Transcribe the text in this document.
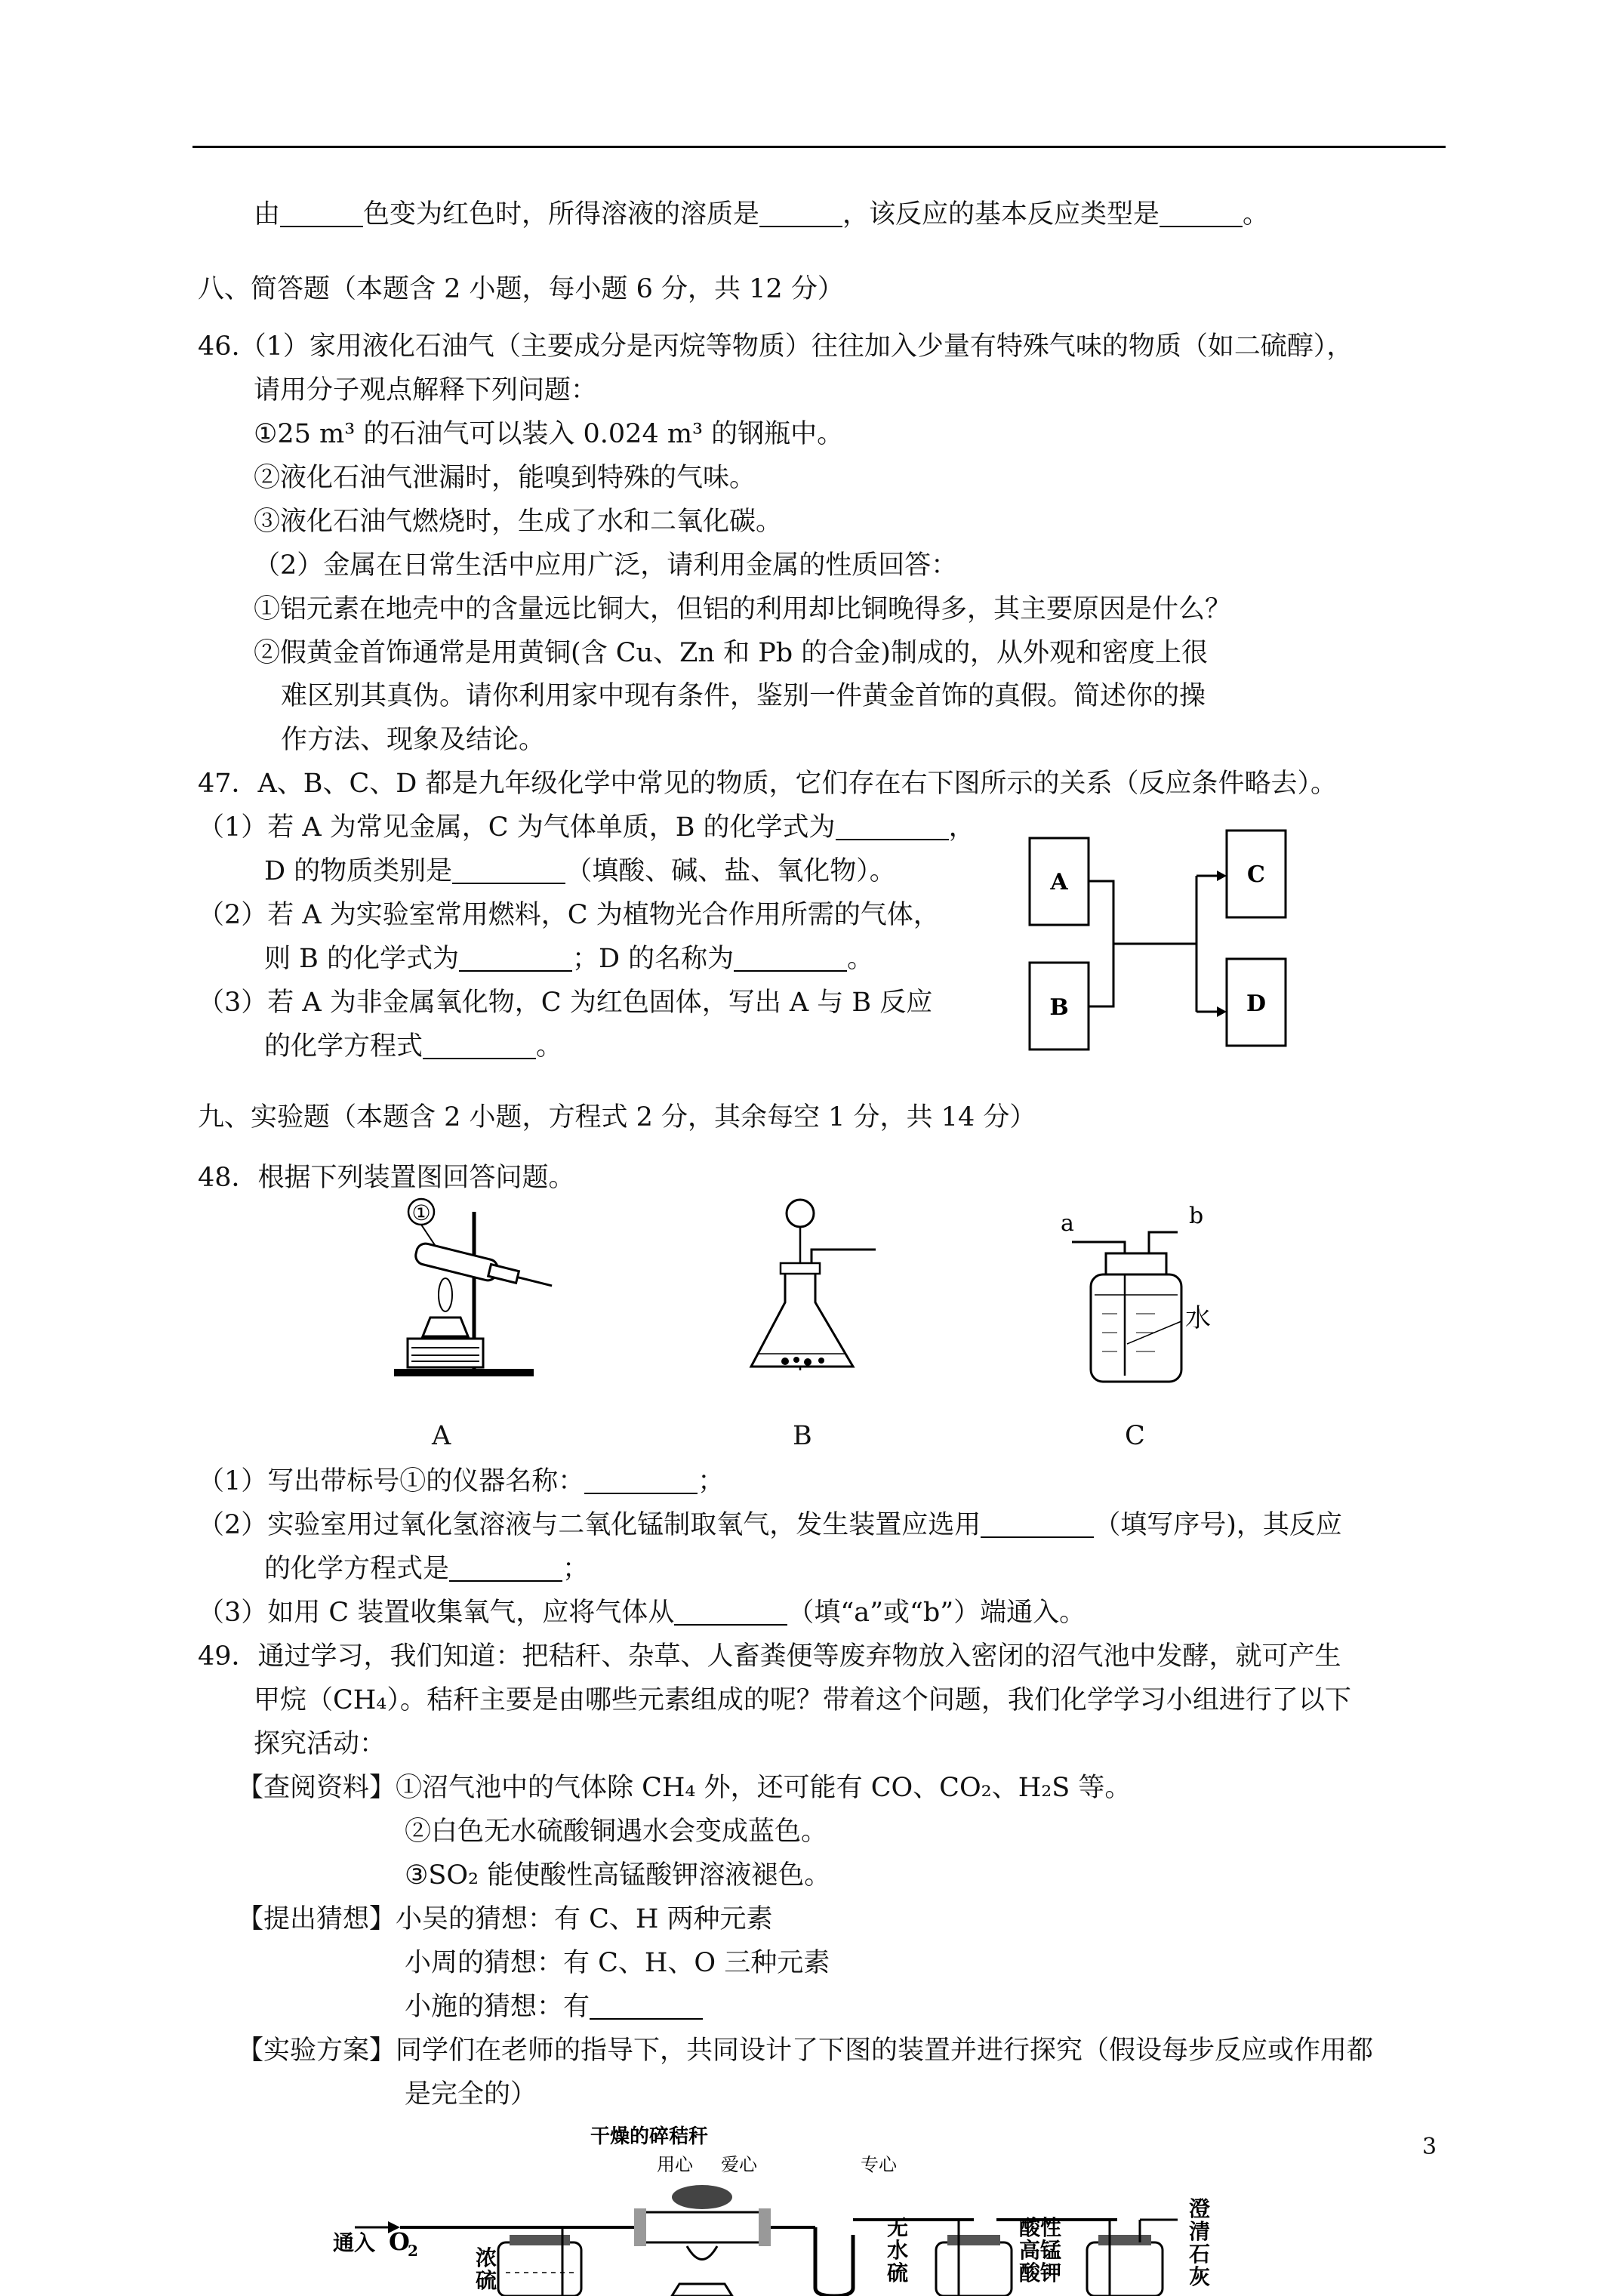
由	色变为红色时，所得溶液的溶质是	，该反应的基本反应类型是	。
八、简答题（本题含 2 小题，每小题 6 分，共 12 分）
46.（1）家用液化石油气（主要成分是丙烷等物质）往往加入少量有特殊气味的物质（如二硫醇），
请用分子观点解释下列问题：
①25 m³ 的石油气可以装入 0.024 m³ 的钢瓶中。
②液化石油气泄漏时，能嗅到特殊的气味。
③液化石油气燃烧时，生成了水和二氧化碳。
（2）金属在日常生活中应用广泛，请利用金属的性质回答：
①铝元素在地壳中的含量远比铜大，但铝的利用却比铜晚得多，其主要原因是什么？
②假黄金首饰通常是用黄铜(含 Cu、Zn 和 Pb 的合金)制成的，从外观和密度上很
难区别其真伪。请你利用家中现有条件，鉴别一件黄金首饰的真假。简述你的操
作方法、现象及结论。
47．A、B、C、D 都是九年级化学中常见的物质，它们存在右下图所示的关系（反应条件略去）。
（1）若 A 为常见金属，C 为气体单质，B 的化学式为	，
D 的物质类别是	（填酸、碱、盐、氧化物）。
（2）若 A 为实验室常用燃料，C 为植物光合作用所需的气体，
则 B 的化学式为	；D 的名称为	。
（3）若 A 为非金属氧化物，C 为红色固体，写出 A 与 B 反应
的化学方程式	。
A
B
C
D
九、实验题（本题含 2 小题，方程式 2 分，其余每空 1 分，共 14 分）
48．根据下列装置图回答问题。
①	a	b
水
A	B	C
（1）写出带标号①的仪器名称：	；
（2）实验室用过氧化氢溶液与二氧化锰制取氧气，发生装置应选用	（填写序号)，其反应
的化学方程式是	；
（3）如用 C 装置收集氧气，应将气体从	（填“a”或“b”）端通入。
49．通过学习，我们知道：把秸秆、杂草、人畜粪便等废弃物放入密闭的沼气池中发酵，就可产生
甲烷（CH₄）。秸秆主要是由哪些元素组成的呢？带着这个问题，我们化学学习小组进行了以下
探究活动：
【查阅资料】①沼气池中的气体除 CH₄ 外，还可能有 CO、CO₂、H₂S 等。
②白色无水硫酸铜遇水会变成蓝色。
③SO₂ 能使酸性高锰酸钾溶液褪色。
【提出猜想】小吴的猜想：有 C、H 两种元素
小周的猜想：有 C、H、O 三种元素
小施的猜想：有
【实验方案】同学们在老师的指导下，共同设计了下图的装置并进行探究（假设每步反应或作用都
是完全的）
3
干燥的碎秸秆
通入 O
2	浓
硫
用心 爱心	专心
无
水
硫
酸性
高锰
酸钾
澄
清
石
灰
